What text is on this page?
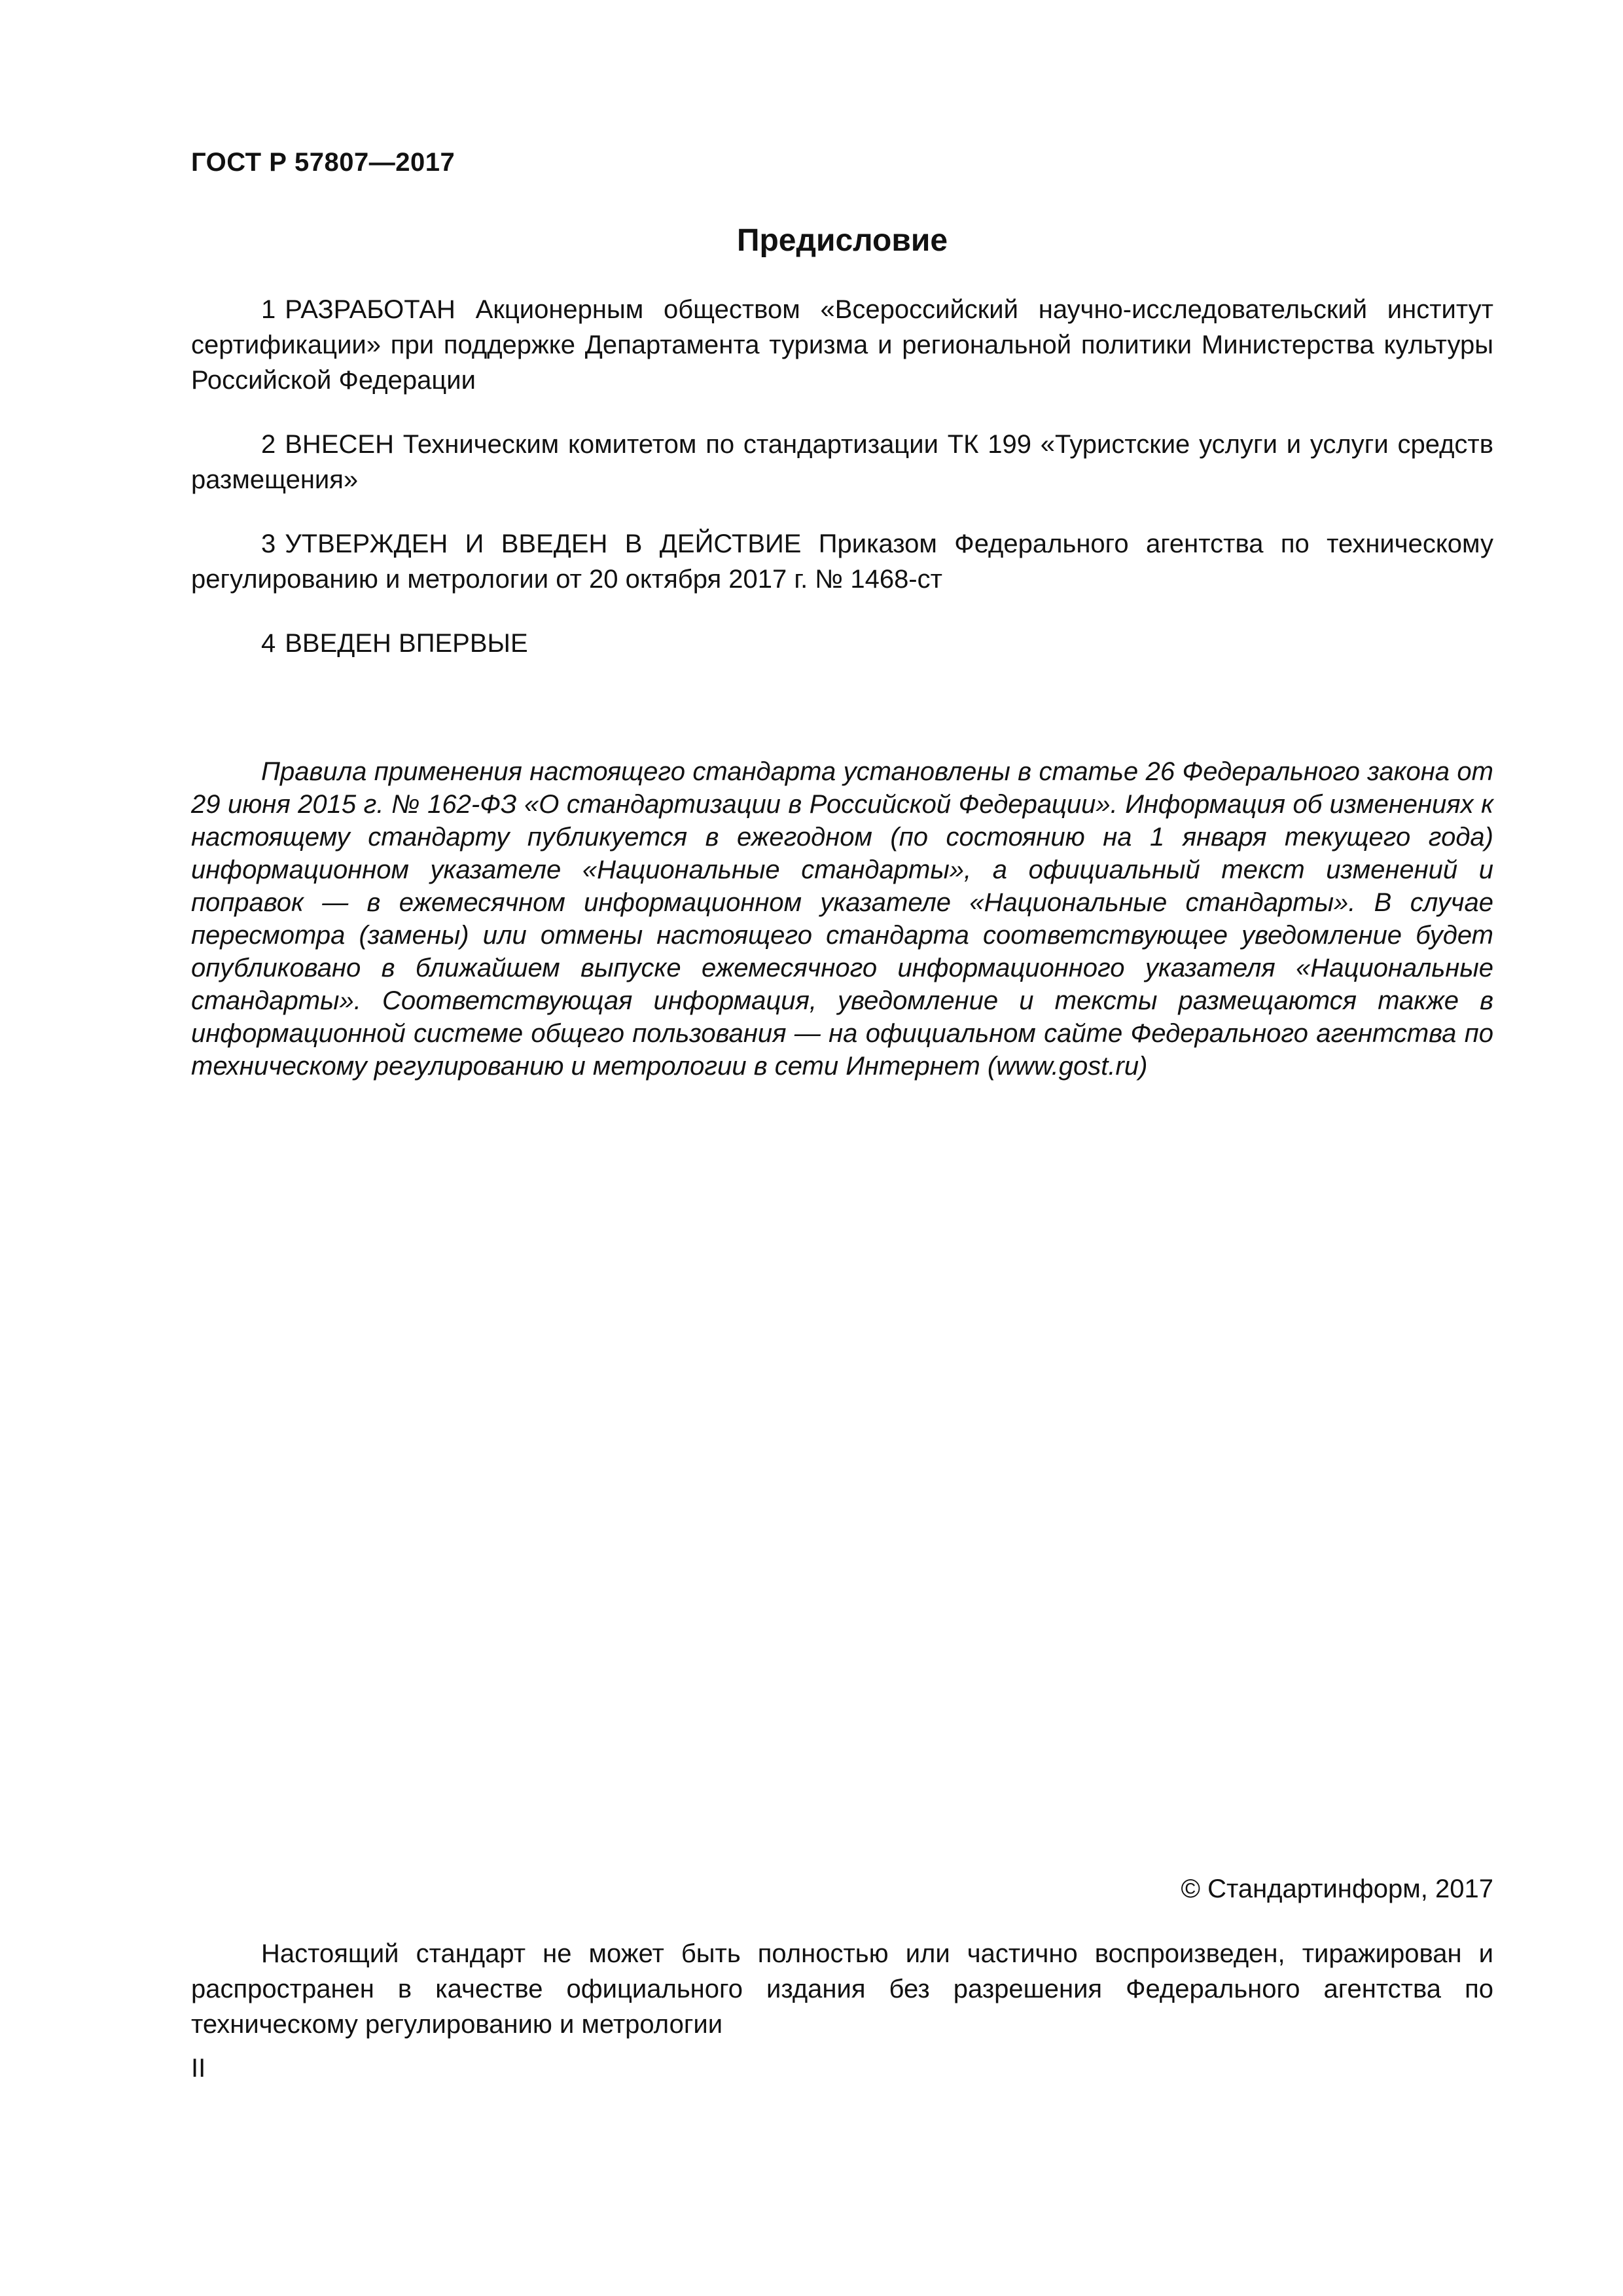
ГОСТ Р 57807—2017
Предисловие
1 РАЗРАБОТАН Акционерным обществом «Всероссийский научно-исследовательский институт сертификации» при поддержке Департамента туризма и региональной политики Министерства культуры Российской Федерации
2 ВНЕСЕН Техническим комитетом по стандартизации ТК 199 «Туристские услуги и услуги средств размещения»
3 УТВЕРЖДЕН И ВВЕДЕН В ДЕЙСТВИЕ Приказом Федерального агентства по техническому регулированию и метрологии от 20 октября 2017 г. № 1468-ст
4 ВВЕДЕН ВПЕРВЫЕ
Правила применения настоящего стандарта установлены в статье 26 Федерального закона от 29 июня 2015 г. № 162-ФЗ «О стандартизации в Российской Федерации». Информация об изменениях к настоящему стандарту публикуется в ежегодном (по состоянию на 1 января текущего года) информационном указателе «Национальные стандарты», а официальный текст изменений и поправок — в ежемесячном информационном указателе «Национальные стандарты». В случае пересмотра (замены) или отмены настоящего стандарта соответствующее уведомление будет опубликовано в ближайшем выпуске ежемесячного информационного указателя «Национальные стандарты». Соответствующая информация, уведомление и тексты размещаются также в информационной системе общего пользования — на официальном сайте Федерального агентства по техническому регулированию и метрологии в сети Интернет (www.gost.ru)
© Стандартинформ, 2017
Настоящий стандарт не может быть полностью или частично воспроизведен, тиражирован и распространен в качестве официального издания без разрешения Федерального агентства по техническому регулированию и метрологии
II
